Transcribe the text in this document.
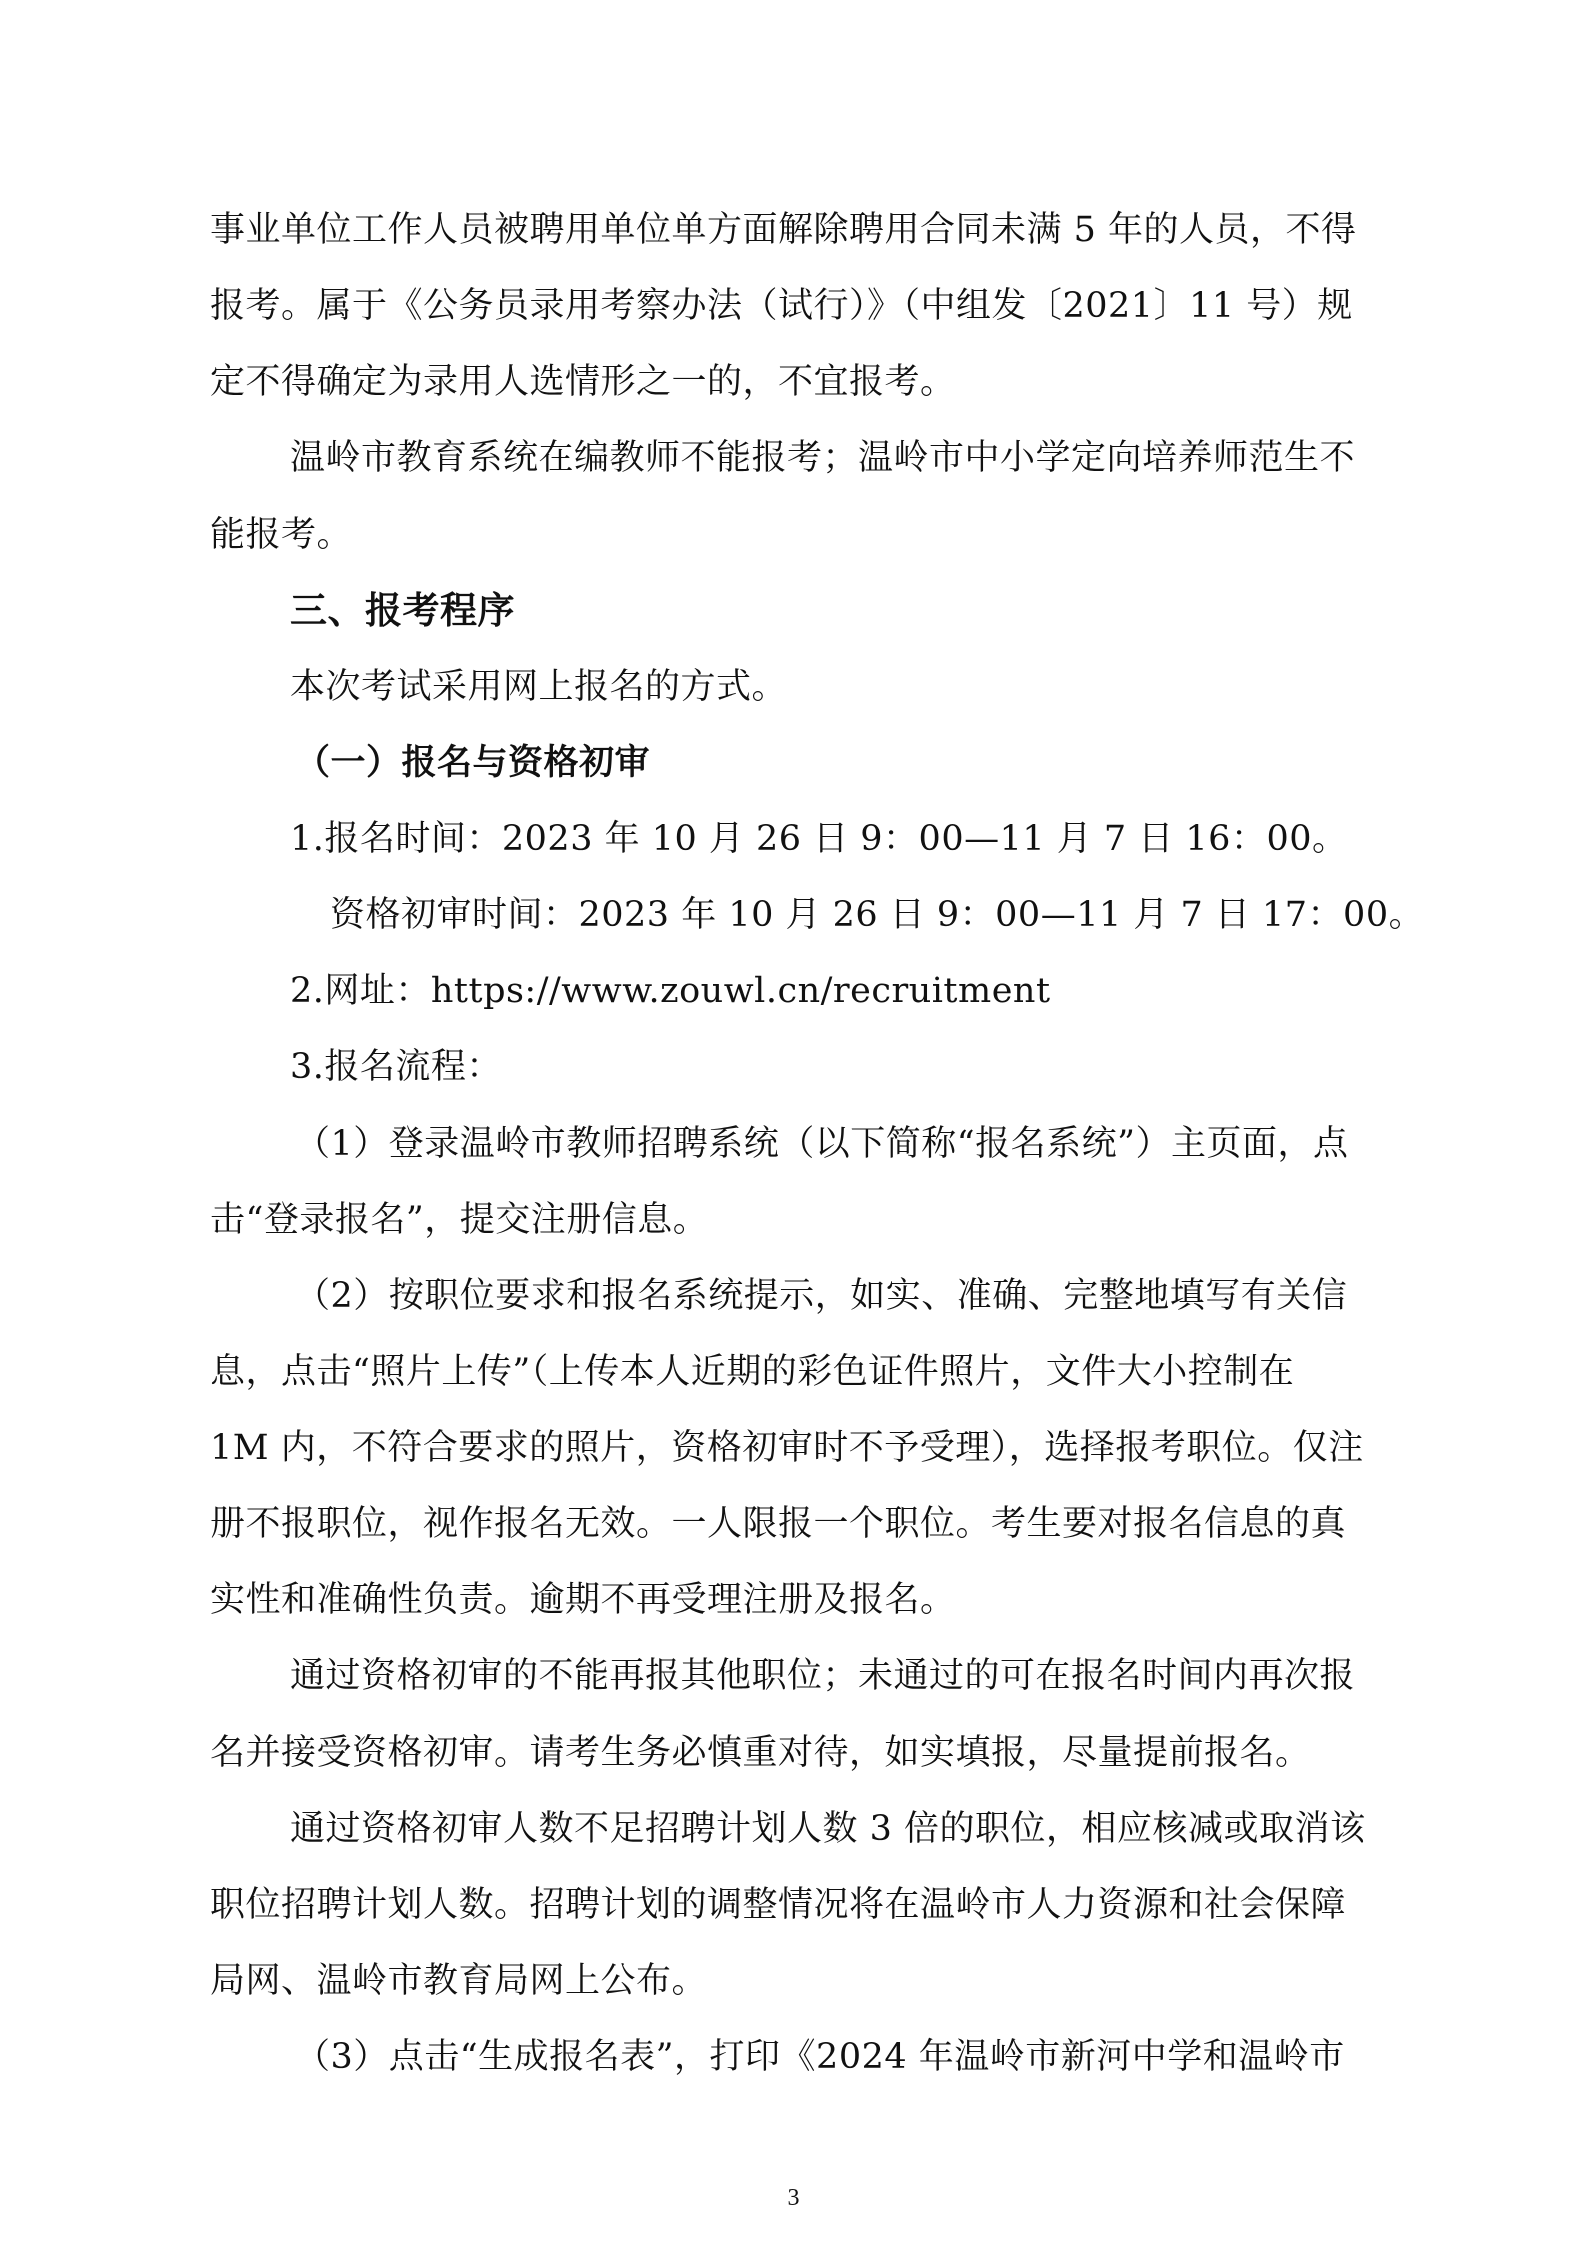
事业单位工作人员被聘用单位单方面解除聘用合同未满 5 年的人员，不得
报考。属于《公务员录用考察办法（试行）》（中组发〔2021〕11 号）规
定不得确定为录用人选情形之一的，不宜报考。
温岭市教育系统在编教师不能报考；温岭市中小学定向培养师范生不
能报考。
三、报考程序
本次考试采用网上报名的方式。
（一）报名与资格初审
1.报名时间：2023 年 10 月 26 日 9：00—11 月 7 日 16：00。
资格初审时间：2023 年 10 月 26 日 9：00—11 月 7 日 17：00。
2.网址：https://www.zouwl.cn/recruitment
3.报名流程：
（1）登录温岭市教师招聘系统（以下简称“报名系统”）主页面，点
击“登录报名”，提交注册信息。
（2）按职位要求和报名系统提示，如实、准确、完整地填写有关信
息，点击“照片上传”（上传本人近期的彩色证件照片，文件大小控制在
1M 内，不符合要求的照片，资格初审时不予受理），选择报考职位。仅注
册不报职位，视作报名无效。一人限报一个职位。考生要对报名信息的真
实性和准确性负责。逾期不再受理注册及报名。
通过资格初审的不能再报其他职位；未通过的可在报名时间内再次报
名并接受资格初审。请考生务必慎重对待，如实填报，尽量提前报名。
通过资格初审人数不足招聘计划人数 3 倍的职位，相应核减或取消该
职位招聘计划人数。招聘计划的调整情况将在温岭市人力资源和社会保障
局网、温岭市教育局网上公布。
（3）点击“生成报名表”，打印《2024 年温岭市新河中学和温岭市
3
